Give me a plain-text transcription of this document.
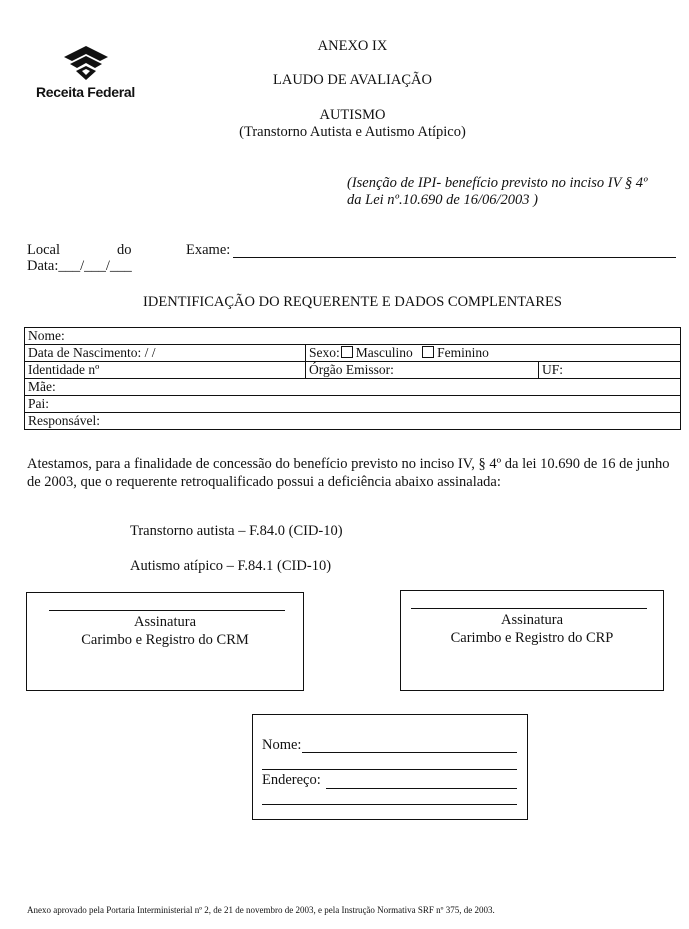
Receita Federal
ANEXO IX
LAUDO DE AVALIAÇÃO
AUTISMO
(Transtorno Autista e Autismo Atípico)
(Isenção de IPI- benefício previsto no inciso IV § 4º
da Lei nº.10.690 de 16/06/2003 )
Local	do	Exame:
Data:___/___/___
IDENTIFICAÇÃO DO REQUERENTE E DADOS COMPLENTARES
Nome:		
Data de Nascimento: / /	Sexo: Masculino Feminino	
Identidade nº	Órgão Emissor:	UF:
Mãe:		
Pai:		
Responsável:		
Atestamos, para a finalidade de concessão do benefício previsto no inciso IV, § 4º da lei 10.690 de 16 de junho de 2003, que o requerente retroqualificado possui a deficiência abaixo assinalada:
Transtorno autista – F.84.0 (CID-10)
Autismo atípico – F.84.1 (CID-10)
Assinatura
Carimbo e Registro do CRM
Assinatura
Carimbo e Registro do CRP
Nome:
Endereço:
Anexo aprovado pela Portaria Interministerial nº 2, de 21 de novembro de 2003, e pela Instrução Normativa SRF nº 375, de 2003.
